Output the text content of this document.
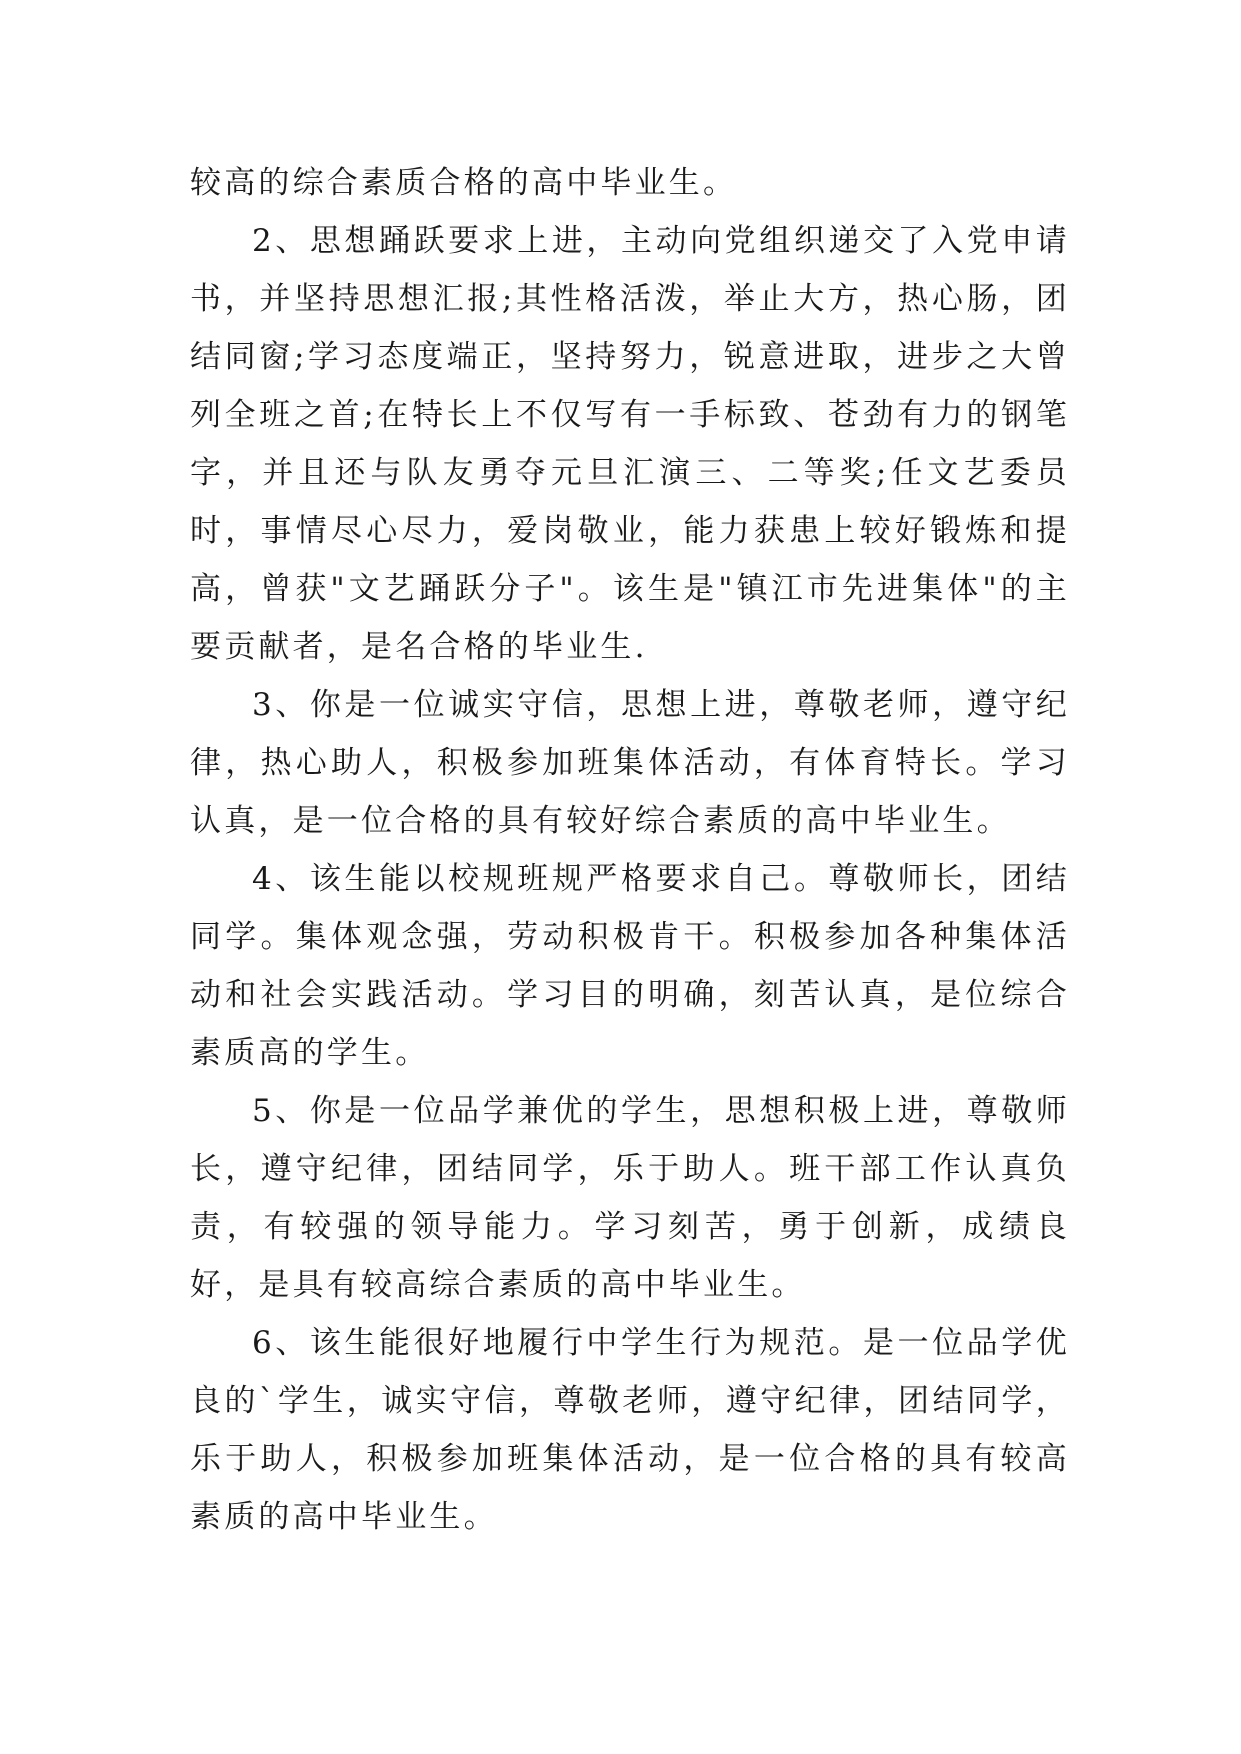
较高的综合素质合格的高中毕业生。

2、思想踊跃要求上进，主动向党组织递交了入党申请书，并坚持思想汇报;其性格活泼，举止大方，热心肠，团结同窗;学习态度端正，坚持努力，锐意进取，进步之大曾列全班之首;在特长上不仅写有一手标致、苍劲有力的钢笔字，并且还与队友勇夺元旦汇演三、二等奖;任文艺委员时，事情尽心尽力，爱岗敬业，能力获患上较好锻炼和提高，曾获"文艺踊跃分子"。该生是"镇江市先进集体"的主要贡献者，是名合格的毕业生.

3、你是一位诚实守信，思想上进，尊敬老师，遵守纪律，热心助人，积极参加班集体活动，有体育特长。学习认真，是一位合格的具有较好综合素质的高中毕业生。

4、该生能以校规班规严格要求自己。尊敬师长，团结同学。集体观念强，劳动积极肯干。积极参加各种集体活动和社会实践活动。学习目的明确，刻苦认真，是位综合素质高的学生。

5、你是一位品学兼优的学生，思想积极上进，尊敬师长，遵守纪律，团结同学，乐于助人。班干部工作认真负责，有较强的领导能力。学习刻苦，勇于创新，成绩良好，是具有较高综合素质的高中毕业生。

6、该生能很好地履行中学生行为规范。是一位品学优良的`学生，诚实守信，尊敬老师，遵守纪律，团结同学，乐于助人，积极参加班集体活动，是一位合格的具有较高素质的高中毕业生。
